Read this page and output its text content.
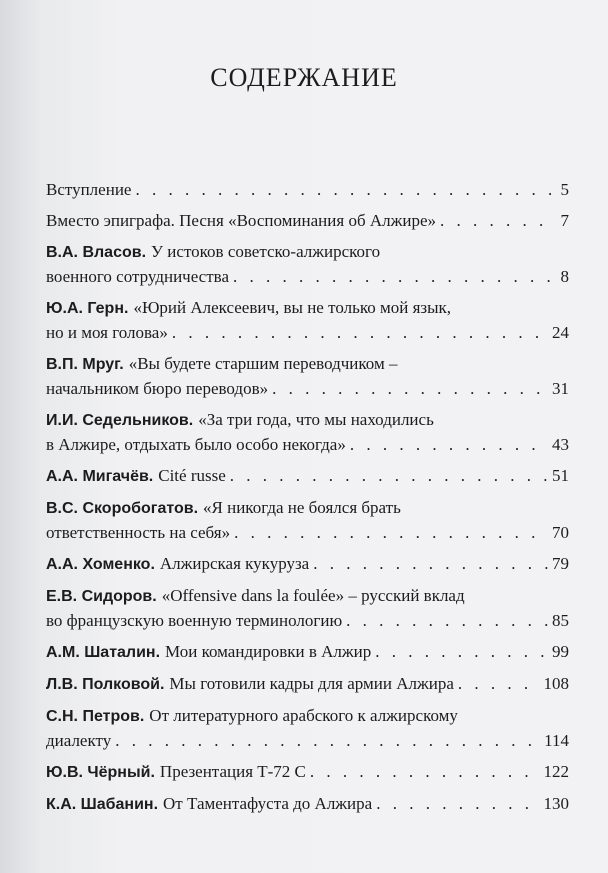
СОДЕРЖАНИЕ
Вступление . . .	5
Вместо эпиграфа. Песня «Воспоминания об Алжире» . . .	7
В.А. Власов. У истоков советско-алжирского
военного сотрудничества . . .	8
Ю.А. Герн. «Юрий Алексеевич, вы не только мой язык,
но и моя голова» . . .	24
В.П. Мруг. «Вы будете старшим переводчиком –
начальником бюро переводов» . . .	31
И.И. Седельников. «За три года, что мы находились
в Алжире, отдыхать было особо некогда» . . .	43
А.А. Мигачёв. Cité russe . . .	51
В.С. Скоробогатов. «Я никогда не боялся брать
ответственность на себя» . . .	70
А.А. Хоменко. Алжирская кукуруза . . .	79
Е.В. Сидоров. «Offensive dans la foulée» – русский вклад
во французскую военную терминологию . . .	85
А.М. Шаталин. Мои командировки в Алжир . . .	99
Л.В. Полковой. Мы готовили кадры для армии Алжира . . .	108
С.Н. Петров. От литературного арабского к алжирскому
диалекту . . .	114
Ю.В. Чёрный. Презентация Т-72 С . . .	122
К.А. Шабанин. От Таментафуста до Алжира . . .	130
